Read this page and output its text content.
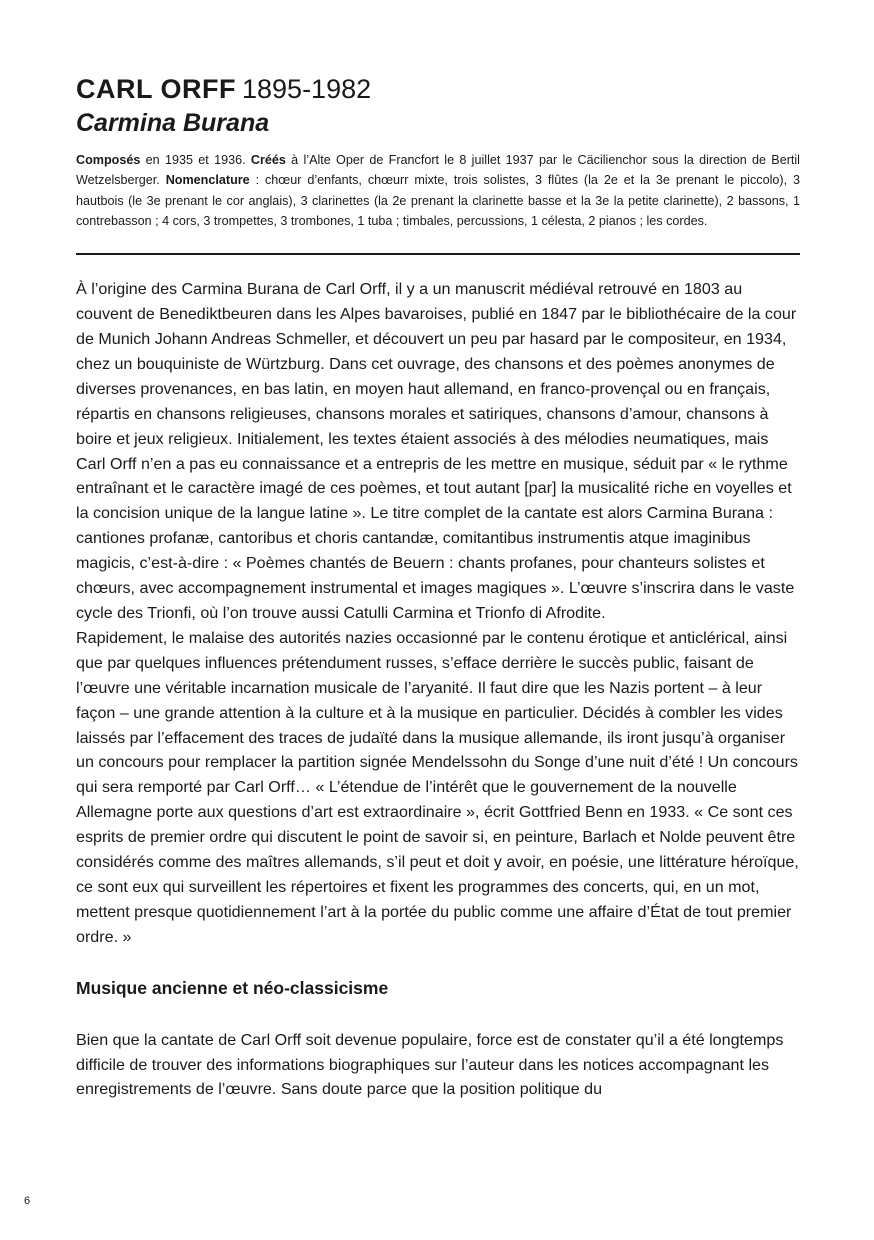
CARL ORFF 1895-1982
Carmina Burana
Composés en 1935 et 1936. Créés à l’Alte Oper de Francfort le 8 juillet 1937 par le Cäcilienchor sous la direction de Bertil Wetzelsberger. Nomenclature : chœur d’enfants, chœurr mixte, trois solistes, 3 flûtes (la 2e et la 3e prenant le piccolo), 3 hautbois (le 3e prenant le cor anglais), 3 clarinettes (la 2e prenant la clarinette basse et la 3e la petite clarinette), 2 bassons, 1 contrebasson ; 4 cors, 3 trompettes, 3 trombones, 1 tuba ; timbales, percussions, 1 célesta, 2 pianos ; les cordes.

À l’origine des Carmina Burana de Carl Orff, il y a un manuscrit médiéval retrouvé en 1803 au couvent de Benediktbeuren dans les Alpes bavaroises, publié en 1847 par le bibliothécaire de la cour de Munich Johann Andreas Schmeller, et découvert un peu par hasard par le compositeur, en 1934, chez un bouquiniste de Würtzburg. Dans cet ouvrage, des chansons et des poèmes anonymes de diverses provenances, en bas latin, en moyen haut allemand, en franco-provençal ou en français, répartis en chansons religieuses, chansons morales et satiriques, chansons d’amour, chansons à boire et jeux religieux. Initialement, les textes étaient associés à des mélodies neumatiques, mais Carl Orff n’en a pas eu connaissance et a entrepris de les mettre en musique, séduit par « le rythme entraînant et le caractère imagé de ces poèmes, et tout autant [par] la musicalité riche en voyelles et la concision unique de la langue latine ». Le titre complet de la cantate est alors Carmina Burana : cantiones profanæ, cantoribus et choris cantandæ, comitantibus instrumentis atque imaginibus magicis, c’est-à-dire : « Poèmes chantés de Beuern : chants profanes, pour chanteurs solistes et chœurs, avec accompagnement instrumental et images magiques ». L’œuvre s’inscrira dans le vaste cycle des Trionfi, où l’on trouve aussi Catulli Carmina et Trionfo di Afrodite.

Rapidement, le malaise des autorités nazies occasionné par le contenu érotique et anticlérical, ainsi que par quelques influences prétendument russes, s’efface derrière le succès public, faisant de l’œuvre une véritable incarnation musicale de l’aryanité. Il faut dire que les Nazis portent – à leur façon – une grande attention à la culture et à la musique en particulier. Décidés à combler les vides laissés par l’effacement des traces de judaïté dans la musique allemande, ils iront jusqu’à organiser un concours pour remplacer la partition signée Mendelssohn du Songe d’une nuit d’été ! Un concours qui sera remporté par Carl Orff… « L’étendue de l’intérêt que le gouvernement de la nouvelle Allemagne porte aux questions d’art est extraordinaire », écrit Gottfried Benn en 1933. « Ce sont ces esprits de premier ordre qui discutent le point de savoir si, en peinture, Barlach et Nolde peuvent être considérés comme des maîtres allemands, s’il peut et doit y avoir, en poésie, une littérature héroïque, ce sont eux qui surveillent les répertoires et fixent les programmes des concerts, qui, en un mot, mettent presque quotidiennement l’art à la portée du public comme une affaire d’État de tout premier ordre. »

Musique ancienne et néo-classicisme

Bien que la cantate de Carl Orff soit devenue populaire, force est de constater qu’il a été longtemps difficile de trouver des informations biographiques sur l’auteur dans les notices accompagnant les enregistrements de l’œuvre. Sans doute parce que la position politique du

6
